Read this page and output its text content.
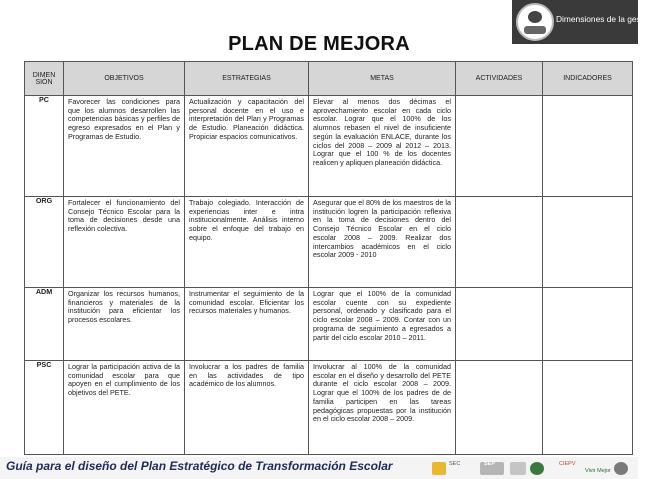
Dimensiones de la gestión
PLAN DE MEJORA
DIMEN SIÓN	OBJETIVOS	ESTRATEGIAS	METAS	ACTIVIDADES	INDICADORES
PC	Favorecer las condiciones para que los alumnos desarrollen las competencias básicas y perfiles de egreso expresados en el Plan y Programas de Estudio.	Actualización y capacitación del personal docente en el uso e interpretación del Plan y Programas de Estudio. Planeación didáctica. Propiciar espacios comunicativos.	Elevar al menos dos décimas el aprovechamiento escolar en cada ciclo escolar. Lograr que el 100% de los alumnos rebasen el nivel de insuficiente según la evaluación ENLACE, durante los ciclos del 2008 – 2009 al 2012 – 2013. Lograr que el 100 % de los docentes realicen y apliquen planeación didáctica.		

ORG	Fortalecer el funcionamiento del Consejo Técnico Escolar para la toma de decisiones desde una reflexión colectiva.	Trabajo colegiado. Interacción de experiencias inter e intra institucionalmente. Análisis interno sobre el enfoque del trabajo en equipo.	Asegurar que el 80% de los maestros de la institución logren la participación reflexiva en la toma de decisiones dentro del Consejo Técnico Escolar en el ciclo escolar 2008 – 2009. Realizar dos intercambios académicos en el ciclo escolar 2009 - 2010		

ADM	Organizar los recursos humanos, financieros y materiales de la institución para eficientar los procesos escolares.	Instrumentar el seguimiento de la comunidad escolar. Eficientar los recursos materiales y humanos.	Lograr que el 100% de la comunidad escolar cuente con su expediente personal, ordenado y clasificado para el ciclo escolar 2008 – 2009. Contar con un programa de seguimiento a egresados a partir del ciclo escolar 2010 – 2011.		

PSC	Lograr la participación activa de la comunidad escolar para que apoyen en el cumplimiento de los objetivos del PETE.	Involucrar a los padres de familia en las actividades de tipo académico de los alumnos.	Involucrar al 100% de la comunidad escolar en el diseño y desarrollo del PETE durante el ciclo escolar 2008 – 2009. Lograr que el 100% de los padres de de familia participen en las tareas pedagógicas propuestas por la institución en el ciclo escolar 2008 – 2009.		

Guía para el diseño del Plan Estratégico de Transformación Escolar	SEC	SEP	CIEPV
Vivir Mejor
